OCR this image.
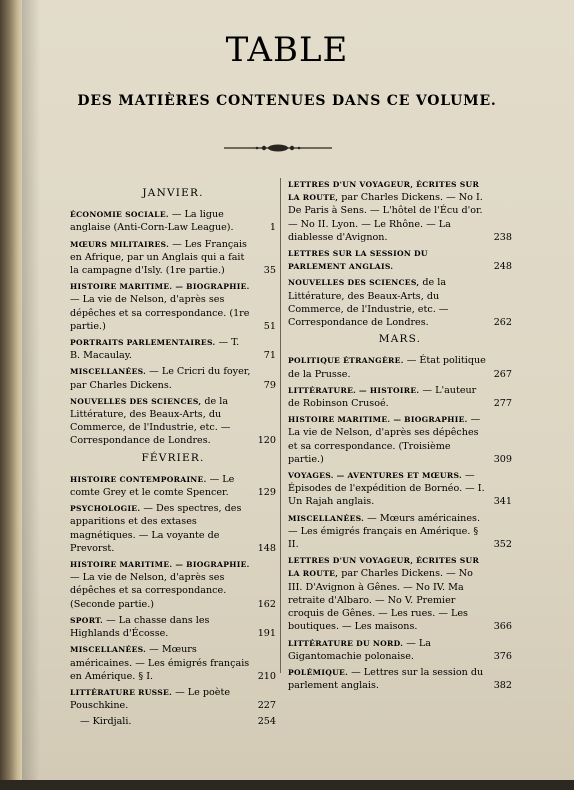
TABLE
DES MATIÈRES CONTENUES DANS CE VOLUME.
JANVIER.
ÉCONOMIE SOCIALE. — La ligue anglaise (Anti-Corn-Law League).	1
MŒURS MILITAIRES. — Les Français en Afrique, par un Anglais qui a fait la campagne d'Isly. (1re partie.)	35
HISTOIRE MARITIME. — BIOGRAPHIE. — La vie de Nelson, d'après ses dépêches et sa correspondance. (1re partie.)	51
PORTRAITS PARLEMENTAIRES. — T. B. Macaulay.	71
MISCELLANÉES. — Le Cricri du foyer, par Charles Dickens.	79
NOUVELLES DES SCIENCES, de la Littérature, des Beaux-Arts, du Commerce, de l'Industrie, etc. — Correspondance de Londres.	120
FÉVRIER.
HISTOIRE CONTEMPORAINE. — Le comte Grey et le comte Spencer.	129
PSYCHOLOGIE. — Des spectres, des apparitions et des extases magnétiques. — La voyante de Prevorst.	148
HISTOIRE MARITIME. — BIOGRAPHIE. — La vie de Nelson, d'après ses dépêches et sa correspondance. (Seconde partie.)	162
SPORT. — La chasse dans les Highlands d'Écosse.	191
MISCELLANÉES. — Mœurs américaines. — Les émigrés français en Amérique. § I.	210
LITTÉRATURE RUSSE. — Le poète Pouschkine.	227
— Kirdjali.	254
LETTRES D'UN VOYAGEUR, ÉCRITES SUR LA ROUTE, par Charles Dickens. — No I. De Paris à Sens. — L'hôtel de l'Écu d'or. — No II. Lyon. — Le Rhône. — La diablesse d'Avignon.	238
LETTRES SUR LA SESSION DU PARLEMENT ANGLAIS.	248
NOUVELLES DES SCIENCES, de la Littérature, des Beaux-Arts, du Commerce, de l'Industrie, etc. — Correspondance de Londres.	262
MARS.
POLITIQUE ÉTRANGÈRE. — État politique de la Prusse.	267
LITTÉRATURE. — HISTOIRE. — L'auteur de Robinson Crusoé.	277
HISTOIRE MARITIME. — BIOGRAPHIE. — La vie de Nelson, d'après ses dépêches et sa correspondance. (Troisième partie.)	309
VOYAGES. — AVENTURES ET MŒURS. — Épisodes de l'expédition de Bornéo. — I. Un Rajah anglais.	341
MISCELLANÉES. — Mœurs américaines. — Les émigrés français en Amérique. § II.	352
LETTRES D'UN VOYAGEUR, ÉCRITES SUR LA ROUTE, par Charles Dickens. — No III. D'Avignon à Gênes. — No IV. Ma retraite d'Albaro. — No V. Premier croquis de Gênes. — Les rues. — Les boutiques. — Les maisons.	366
LITTÉRATURE DU NORD. — La Gigantomachie polonaise.	376
POLÉMIQUE. — Lettres sur la session du parlement anglais.	382
